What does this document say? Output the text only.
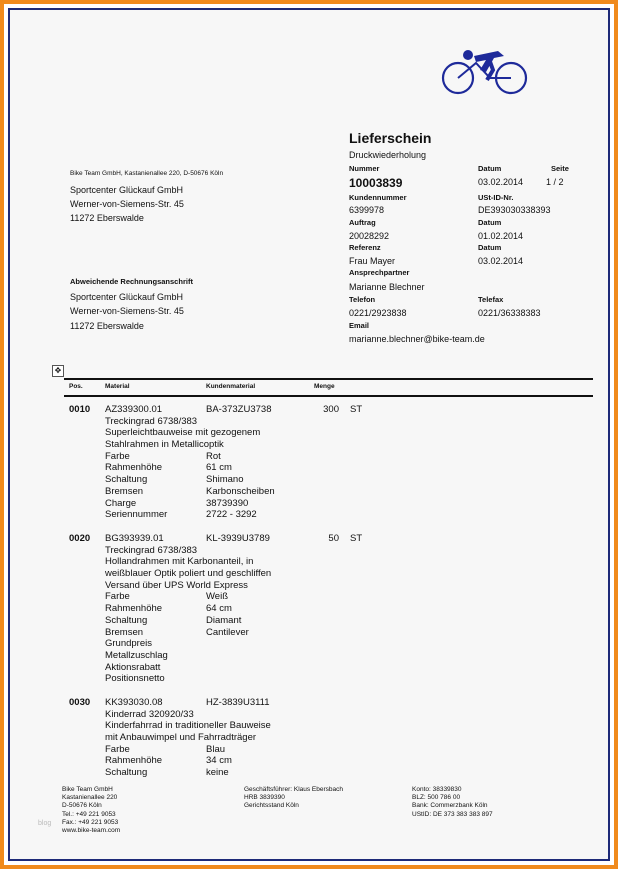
Lieferschein
Druckwiederholung
Nummer	Datum	Seite
10003839	03.02.2014	1 / 2
Kundennummer	USt-ID-Nr.
6399978	DE393030338393
Auftrag	Datum
20028292	01.02.2014
Referenz	Datum
Frau Mayer	03.02.2014
Ansprechpartner
Marianne Blechner
Telefon	Telefax
0221/2923838	0221/36338383
Email
marianne.blechner@bike-team.de
Bike Team GmbH, Kastanienallee 220, D-50676 Köln
Sportcenter Glückauf GmbH
Werner-von-Siemens-Str. 45
11272 Eberswalde
Abweichende Rechnungsanschrift
Sportcenter Glückauf GmbH
Werner-von-Siemens-Str. 45
11272 Eberswalde
✥
Pos.	Material	Kundenmaterial	Menge
0010 AZ339300.01	BA-373ZU3738	300 ST
Treckingrad 6738/383
Superleichtbauweise mit gezogenem
Stahlrahmen in Metallicoptik
Farbe	Rot
Rahmenhöhe	61 cm
Schaltung	Shimano
Bremsen	Karbonscheiben
Charge	38739390
Seriennummer	2722 - 3292
0020 BG393939.01	KL-3939U3789	50 ST
Treckingrad 6738/383
Hollandrahmen mit Karbonanteil, in
weißblauer Optik poliert und geschliffen
Versand über UPS World Express
Farbe	Weiß
Rahmenhöhe	64 cm
Schaltung	Diamant
Bremsen	Cantilever
Grundpreis
Metallzuschlag
Aktionsrabatt
Positionsnetto
0030 KK393030.08	HZ-3839U3111
Kinderrad 320920/33
Kinderfahrrad in traditioneller Bauweise
mit Anbauwimpel und Fahrradträger
Farbe	Blau
Rahmenhöhe	34 cm
Schaltung	keine
Bike Team GmbH
Kastanienallee 220
D-50676 Köln
Tel.: +49 221 9053
Fax.: +49 221 9053
www.bike-team.com
Geschäftsführer: Klaus Ebersbach
HRB 3839390
Gerichtsstand Köln
Konto: 38339830
BLZ: 500 786 00
Bank: Commerzbank Köln
UStID: DE 373 383 383 897
blog
